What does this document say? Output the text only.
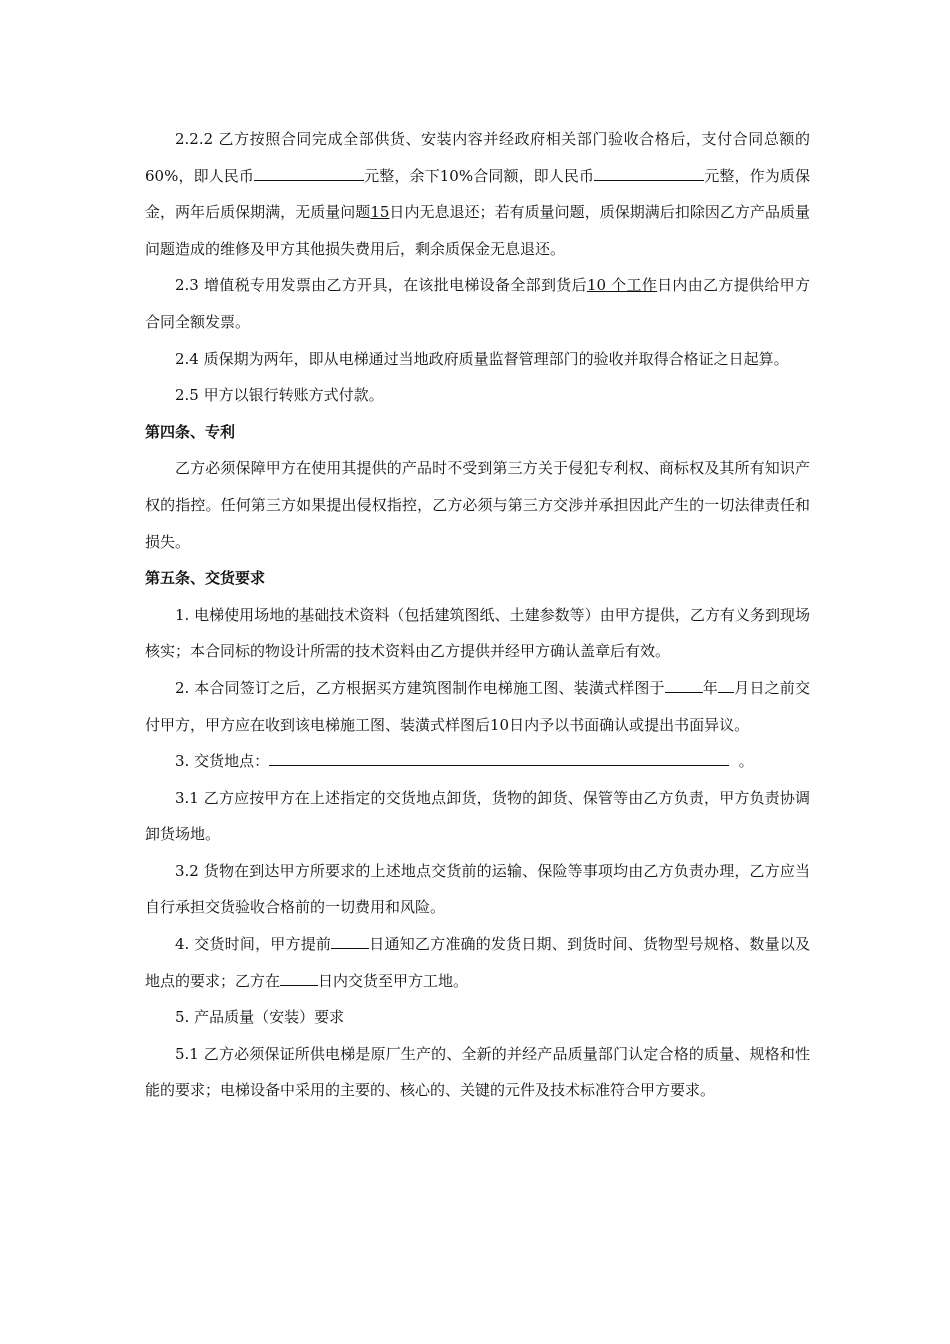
2.2.2 乙方按照合同完成全部供货、安装内容并经政府相关部门验收合格后，支付合同总额的60%，即人民币	元整，余下10%合同额，即人民币	元整，作为质保金，两年后质保期满，无质量问题15日内无息退还；若有质量问题，质保期满后扣除因乙方产品质量问题造成的维修及甲方其他损失费用后，剩余质保金无息退还。

2.3 增值税专用发票由乙方开具，在该批电梯设备全部到货后10 个工作日内由乙方提供给甲方合同全额发票。

2.4 质保期为两年，即从电梯通过当地政府质量监督管理部门的验收并取得合格证之日起算。

2.5 甲方以银行转账方式付款。

第四条、专利

乙方必须保障甲方在使用其提供的产品时不受到第三方关于侵犯专利权、商标权及其所有知识产权的指控。任何第三方如果提出侵权指控，乙方必须与第三方交涉并承担因此产生的一切法律责任和损失。

第五条、交货要求

1. 电梯使用场地的基础技术资料（包括建筑图纸、土建参数等）由甲方提供，乙方有义务到现场核实；本合同标的物设计所需的技术资料由乙方提供并经甲方确认盖章后有效。

2. 本合同签订之后，乙方根据买方建筑图制作电梯施工图、装潢式样图于	年 月日之前交付甲方，甲方应在收到该电梯施工图、装潢式样图后10日内予以书面确认或提出书面异议。

3. 交货地点：	。

3.1 乙方应按甲方在上述指定的交货地点卸货，货物的卸货、保管等由乙方负责，甲方负责协调卸货场地。

3.2 货物在到达甲方所要求的上述地点交货前的运输、保险等事项均由乙方负责办理，乙方应当自行承担交货验收合格前的一切费用和风险。

4. 交货时间，甲方提前	日通知乙方准确的发货日期、到货时间、货物型号规格、数量以及地点的要求；乙方在	日内交货至甲方工地。

5. 产品质量（安装）要求

5.1 乙方必须保证所供电梯是原厂生产的、全新的并经产品质量部门认定合格的质量、规格和性能的要求；电梯设备中采用的主要的、核心的、关键的元件及技术标准符合甲方要求。
